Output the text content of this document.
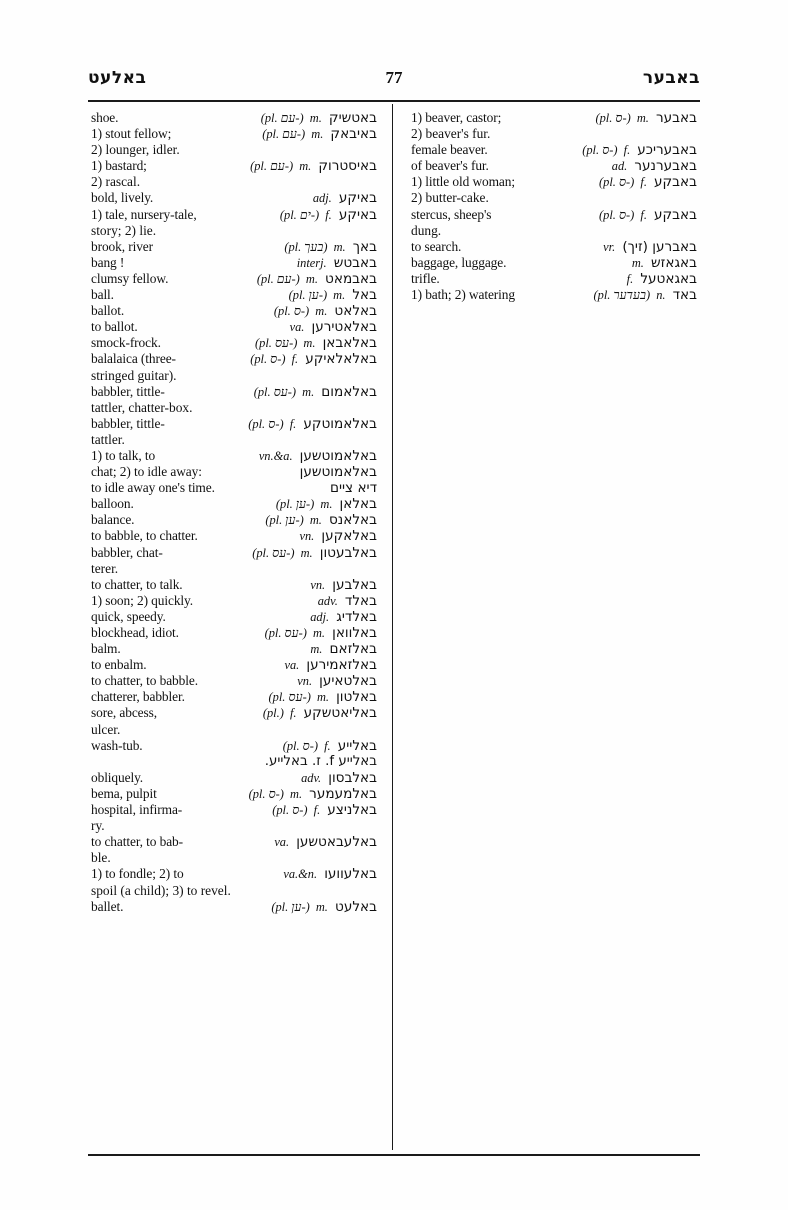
באלעט	77	באבער
shoe.	(pl. עם-) m. באטשיק
1) stout fellow;	(pl. עם-) m. באיבאק
2) lounger, idler.
1) bastard;	(pl. עם-) m. באיסטרוק
2) rascal.
bold, lively.	adj. באיקע
1) tale, nursery-tale,	(pl. ים-) f. באיקע
story; 2) lie.
brook, river	(pl. בעך) m. באך
bang !	interj. באבטש
clumsy fellow.	(pl. עם-) m. באבמאט
ball.	(pl. ען-) m. באל
ballot.	(pl. ס-) m. באלאט
to ballot.	va. באלאטירען
smock-frock.	(pl. עס-) m. באלאבאן
balalaica (three-	(pl. ס-) f. באלאלאיקע
stringed guitar).
babbler, tittle-	(pl. עס-) m. באלאמום
tattler, chatter-box.
babbler, tittle-	(pl. ס-) f. באלאמוטקע
tattler.
1) to talk, to	vn.&a. באלאמוטשען
chat; 2) to idle away:	באלאמוטשען
to idle away one's time.	דיא ציים
balloon.	(pl. ען-) m. באלאן
balance.	(pl. ען-) m. באלאנס
to babble, to chatter.	vn. באלאקען
babbler, chat-	(pl. עס-) m. באלבעטון
terer.
to chatter, to talk.	vn. באלבען
1) soon; 2) quickly.	adv. באלד
quick, speedy.	adj. באלדיג
blockhead, idiot.	(pl. עס-) m. באלוואן
balm.	m. באלזאם
to enbalm.	va. באלזאמירען
to chatter, to babble.	vn. באלטאיען
chatterer, babbler.	(pl. עס-) m. באלטון
sore, abcess,	(pl.) f. באליאטשקע
ulcer.
wash-tub.	(pl. ס-) f. באלייע
באלייע f. ז. באלייע.
obliquely.	adv. באלבסון
bema, pulpit	(pl. ס-) m. באלמעמער
hospital, infirma-	(pl. ס-) f. באלניצע
ry.
to chatter, to bab-	va. באלעבאטשען
ble.
1) to fondle; 2) to	va.&n. באלעוועו
spoil (a child); 3) to revel.
ballet.	(pl. ען-) m. באלעט
1) beaver, castor;	(pl. ס-) m. באבער
2) beaver's fur.
female beaver.	(pl. ס-) f. באבעריכע
of beaver's fur.	ad. באבערנער
1) little old woman;	(pl. ס-) f. באבקע
2) butter-cake.
stercus, sheep's	(pl. ס-) f. באבקע
dung.
to search.	vr. באברען (זיך)
baggage, luggage.	m. באגאזש
trifle.	f. באגאטעל
1) bath; 2) watering	(pl. בעדער) n. באד
